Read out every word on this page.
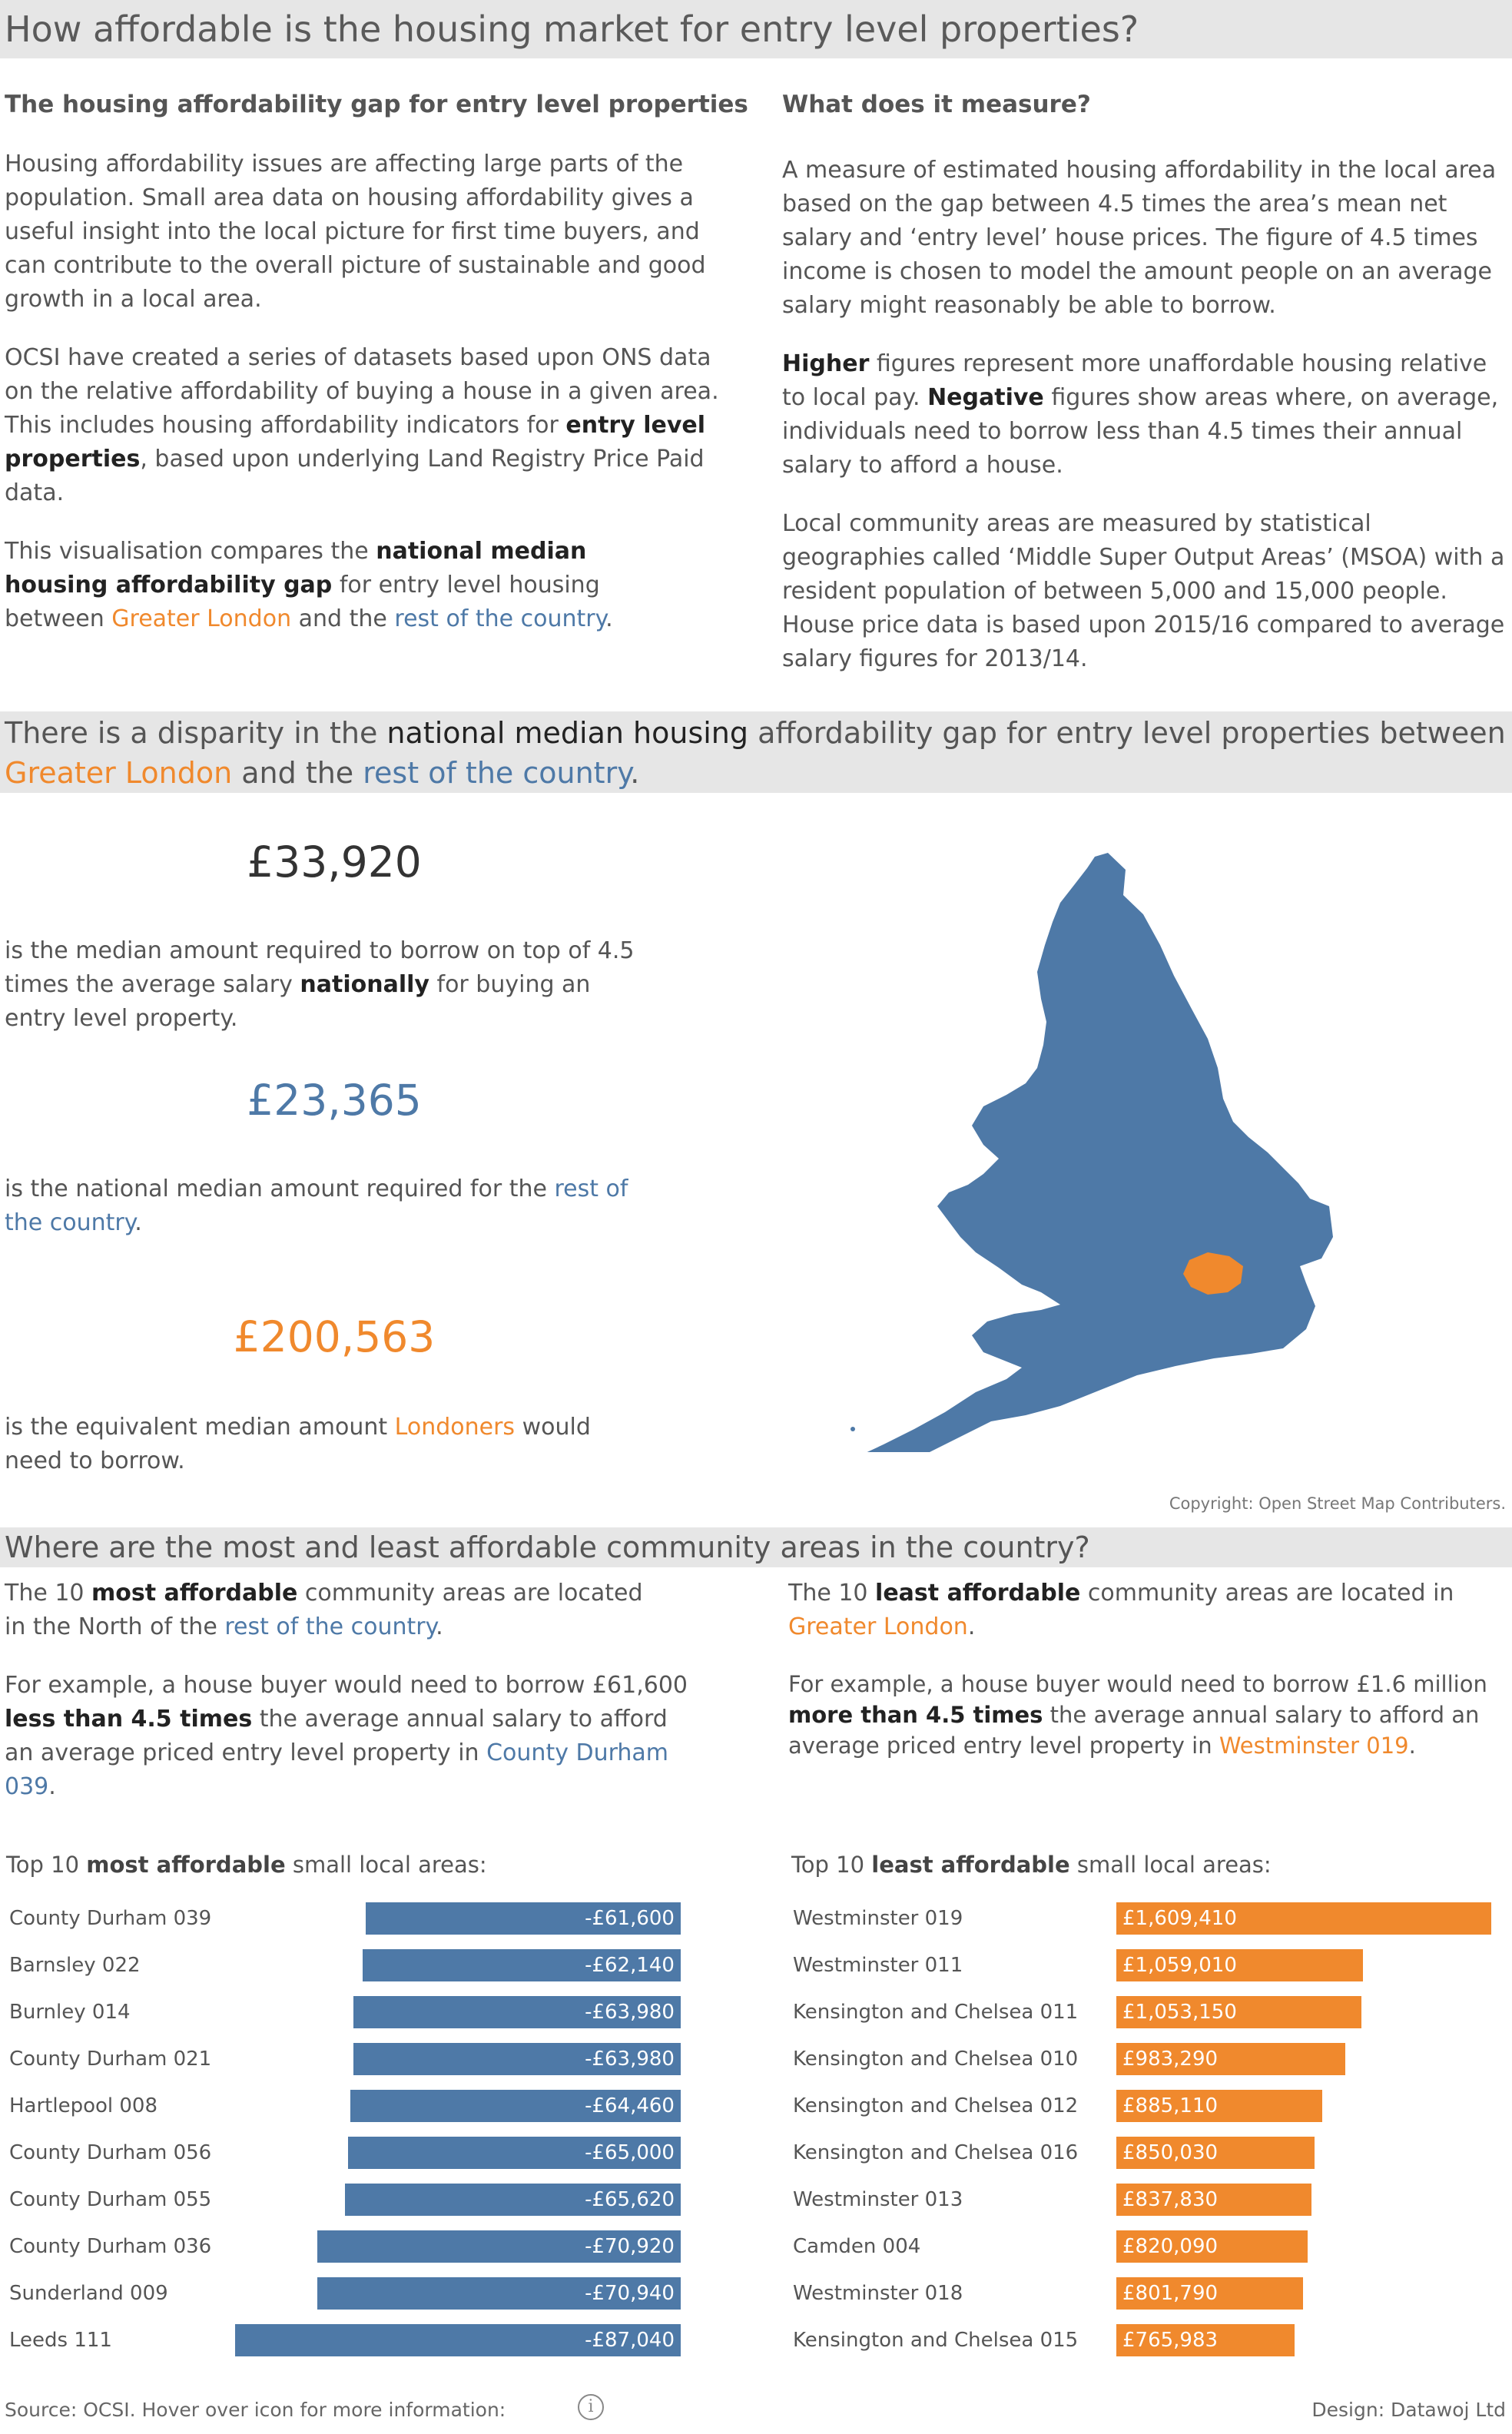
How affordable is the housing market for entry level properties?
The housing affordability gap for entry level properties
Housing affordability issues are affecting large parts of the population. Small area data on housing affordability gives a useful insight into the local picture for first time buyers, and can contribute to the overall picture of sustainable and good growth in a local area.
OCSI have created a series of datasets based upon ONS data on the relative affordability of buying a house in a given area. This includes housing affordability indicators for entry level properties, based upon underlying Land Registry Price Paid data.
This visualisation compares the national median housing affordability gap for entry level housing between Greater London and the rest of the country.
What does it measure?
A measure of estimated housing affordability in the local area based on the gap between 4.5 times the area’s mean net salary and ‘entry level’ house prices. The figure of 4.5 times income is chosen to model the amount people on an average salary might reasonably be able to borrow.
Higher figures represent more unaffordable housing relative to local pay. Negative figures show areas where, on average, individuals need to borrow less than 4.5 times their annual salary to afford a house.
Local community areas are measured by statistical geographies called ‘Middle Super Output Areas’ (MSOA) with a resident population of between 5,000 and 15,000 people. House price data is based upon 2015/16 compared to average salary figures for 2013/14.
There is a disparity in the national median housing affordability gap for entry level properties between Greater London and the rest of the country.
£33,920
is the median amount required to borrow on top of 4.5 times the average salary nationally for buying an entry level property.
£23,365
is the national median amount required for the rest of the country.
£200,563
is the equivalent median amount Londoners would need to borrow.
Copyright: Open Street Map Contributers.
Where are the most and least affordable community areas in the country?
The 10 most affordable community areas are located in the North of the rest of the country.
For example, a house buyer would need to borrow £61,600 less than 4.5 times the average annual salary to afford an average priced entry level property in County Durham 039.
The 10 least affordable community areas are located in Greater London.
For example, a house buyer would need to borrow £1.6 million more than 4.5 times the average annual salary to afford an average priced entry level property in Westminster 019.
Top 10 most affordable small local areas:	Top 10 least affordable small local areas:
County Durham 039	-£61,600
Barnsley 022	-£62,140
Burnley 014	-£63,980
County Durham 021	-£63,980
Hartlepool 008	-£64,460
County Durham 056	-£65,000
County Durham 055	-£65,620
County Durham 036	-£70,920
Sunderland 009	-£70,940
Leeds 111	-£87,040
Westminster 019	£1,609,410
Westminster 011	£1,059,010
Kensington and Chelsea 011 £1,053,150
Kensington and Chelsea 010 £983,290
Kensington and Chelsea 012 £885,110
Kensington and Chelsea 016 £850,030
Westminster 013	£837,830
Camden 004	£820,090
Westminster 018	£801,790
Kensington and Chelsea 015 £765,983
Source: OCSI. Hover over icon for more information:	i	Design: Datawoj Ltd
